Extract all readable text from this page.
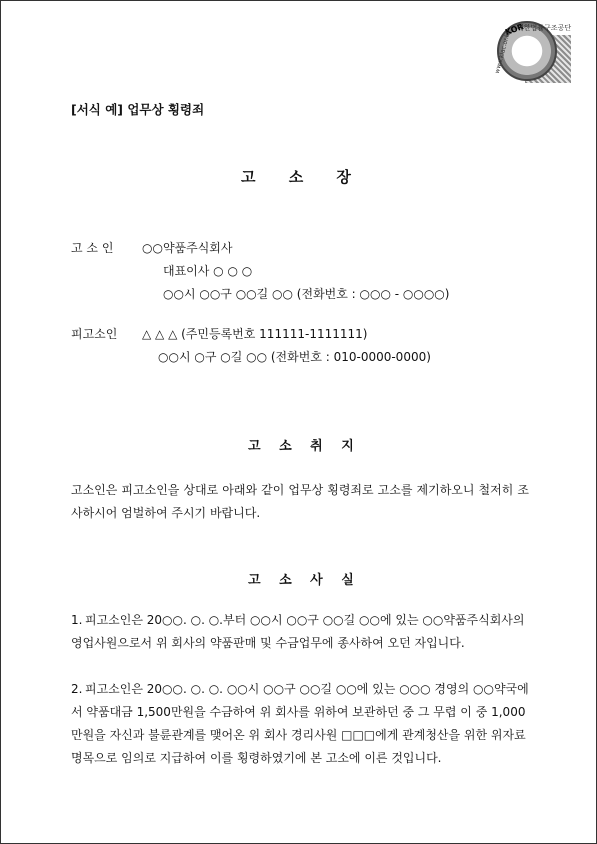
KOR
대한법률구조공단
www.klac.or.kr
[서식 예] 업무상 횡령죄
고 소 장
고 소 인 ○○약품주식회사
대표이사 ○ ○ ○
○○시 ○○구 ○○길 ○○ (전화번호 : ○○○ - ○○○○)
피고소인 △ △ △ (주민등록번호 111111-1111111)
○○시 ○구 ○길 ○○ (전화번호 : 010-0000-0000)
고 소 취 지
고소인은 피고소인을 상대로 아래와 같이 업무상 횡령죄로 고소를 제기하오니 철저히 조사하시어 엄벌하여 주시기 바랍니다.
고 소 사 실
1. 피고소인은 20○○. ○. ○.부터 ○○시 ○○구 ○○길 ○○에 있는 ○○약품주식회사의 영업사원으로서 위 회사의 약품판매 및 수금업무에 종사하여 오던 자입니다.
2. 피고소인은 20○○. ○. ○. ○○시 ○○구 ○○길 ○○에 있는 ○○○ 경영의 ○○약국에서 약품대금 1,500만원을 수금하여 위 회사를 위하여 보관하던 중 그 무렵 이 중 1,000만원을 자신과 불륜관계를 맺어온 위 회사 경리사원 □□□에게 관계청산을 위한 위자료 명목으로 임의로 지급하여 이를 횡령하였기에 본 고소에 이른 것입니다.
